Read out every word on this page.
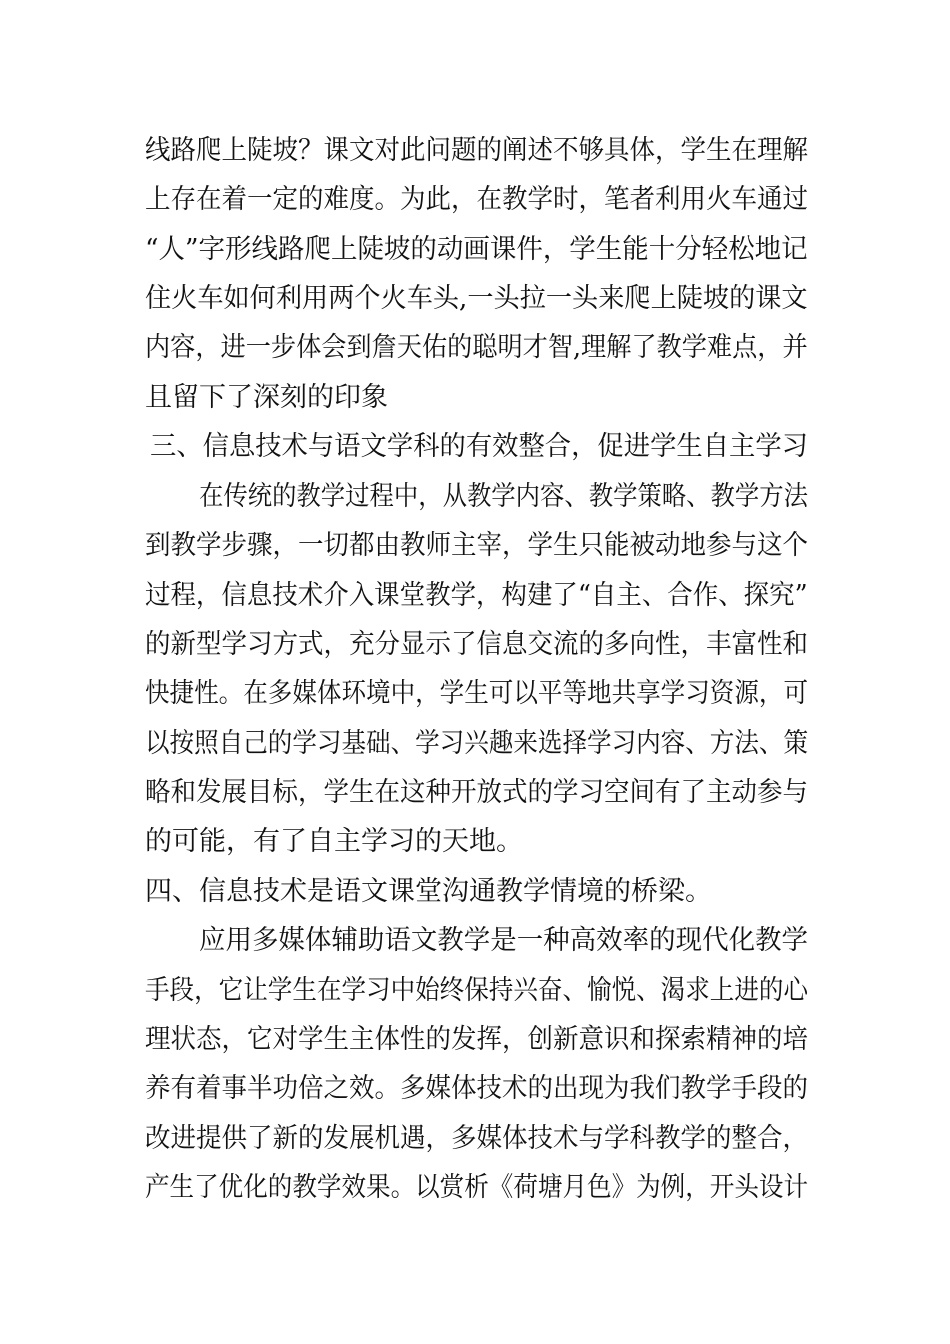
线路爬上陡坡？课文对此问题的阐述不够具体，学生在理解
上存在着一定的难度。为此，在教学时，笔者利用火车通过
“人”字形线路爬上陡坡的动画课件，学生能十分轻松地记
住火车如何利用两个火车头,一头拉一头来爬上陡坡的课文
内容，进一步体会到詹天佑的聪明才智,理解了教学难点，并
且留下了深刻的印象
三、信息技术与语文学科的有效整合，促进学生自主学习
在传统的教学过程中，从教学内容、教学策略、教学方法
到教学步骤，一切都由教师主宰，学生只能被动地参与这个
过程，信息技术介入课堂教学，构建了“自主、合作、探究”
的新型学习方式，充分显示了信息交流的多向性，丰富性和
快捷性。在多媒体环境中，学生可以平等地共享学习资源，可
以按照自己的学习基础、学习兴趣来选择学习内容、方法、策
略和发展目标，学生在这种开放式的学习空间有了主动参与
的可能，有了自主学习的天地。
四、信息技术是语文课堂沟通教学情境的桥梁。
应用多媒体辅助语文教学是一种高效率的现代化教学
手段，它让学生在学习中始终保持兴奋、愉悦、渴求上进的心
理状态，它对学生主体性的发挥，创新意识和探索精神的培
养有着事半功倍之效。多媒体技术的出现为我们教学手段的
改进提供了新的发展机遇，多媒体技术与学科教学的整合，
产生了优化的教学效果。以赏析《荷塘月色》为例，开头设计
